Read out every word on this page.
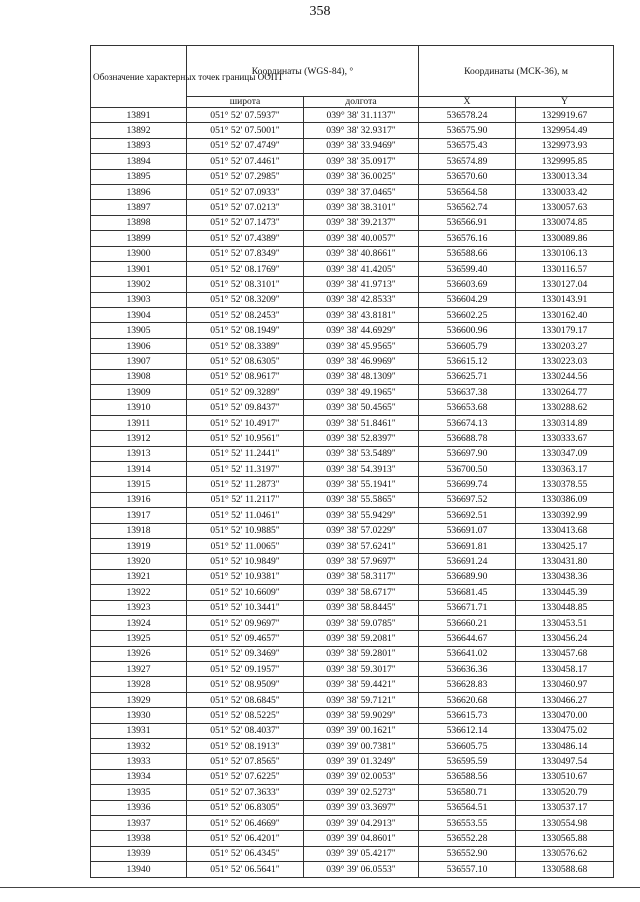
358
Обозначение характерных точек границы ООПТ	Координаты (WGS-84), °		Координаты (МСК-36), м	
	широта	долгота	X	Y
13891	051° 52' 07.5937"	039° 38' 31.1137"	536578.24	1329919.67
13892	051° 52' 07.5001"	039° 38' 32.9317"	536575.90	1329954.49
13893	051° 52' 07.4749"	039° 38' 33.9469"	536575.43	1329973.93
13894	051° 52' 07.4461"	039° 38' 35.0917"	536574.89	1329995.85
13895	051° 52' 07.2985"	039° 38' 36.0025"	536570.60	1330013.34
13896	051° 52' 07.0933"	039° 38' 37.0465"	536564.58	1330033.42
13897	051° 52' 07.0213"	039° 38' 38.3101"	536562.74	1330057.63
13898	051° 52' 07.1473"	039° 38' 39.2137"	536566.91	1330074.85
13899	051° 52' 07.4389"	039° 38' 40.0057"	536576.16	1330089.86
13900	051° 52' 07.8349"	039° 38' 40.8661"	536588.66	1330106.13
13901	051° 52' 08.1769"	039° 38' 41.4205"	536599.40	1330116.57
13902	051° 52' 08.3101"	039° 38' 41.9713"	536603.69	1330127.04
13903	051° 52' 08.3209"	039° 38' 42.8533"	536604.29	1330143.91
13904	051° 52' 08.2453"	039° 38' 43.8181"	536602.25	1330162.40
13905	051° 52' 08.1949"	039° 38' 44.6929"	536600.96	1330179.17
13906	051° 52' 08.3389"	039° 38' 45.9565"	536605.79	1330203.27
13907	051° 52' 08.6305"	039° 38' 46.9969"	536615.12	1330223.03
13908	051° 52' 08.9617"	039° 38' 48.1309"	536625.71	1330244.56
13909	051° 52' 09.3289"	039° 38' 49.1965"	536637.38	1330264.77
13910	051° 52' 09.8437"	039° 38' 50.4565"	536653.68	1330288.62
13911	051° 52' 10.4917"	039° 38' 51.8461"	536674.13	1330314.89
13912	051° 52' 10.9561"	039° 38' 52.8397"	536688.78	1330333.67
13913	051° 52' 11.2441"	039° 38' 53.5489"	536697.90	1330347.09
13914	051° 52' 11.3197"	039° 38' 54.3913"	536700.50	1330363.17
13915	051° 52' 11.2873"	039° 38' 55.1941"	536699.74	1330378.55
13916	051° 52' 11.2117"	039° 38' 55.5865"	536697.52	1330386.09
13917	051° 52' 11.0461"	039° 38' 55.9429"	536692.51	1330392.99
13918	051° 52' 10.9885"	039° 38' 57.0229"	536691.07	1330413.68
13919	051° 52' 11.0065"	039° 38' 57.6241"	536691.81	1330425.17
13920	051° 52' 10.9849"	039° 38' 57.9697"	536691.24	1330431.80
13921	051° 52' 10.9381"	039° 38' 58.3117"	536689.90	1330438.36
13922	051° 52' 10.6609"	039° 38' 58.6717"	536681.45	1330445.39
13923	051° 52' 10.3441"	039° 38' 58.8445"	536671.71	1330448.85
13924	051° 52' 09.9697"	039° 38' 59.0785"	536660.21	1330453.51
13925	051° 52' 09.4657"	039° 38' 59.2081"	536644.67	1330456.24
13926	051° 52' 09.3469"	039° 38' 59.2801"	536641.02	1330457.68
13927	051° 52' 09.1957"	039° 38' 59.3017"	536636.36	1330458.17
13928	051° 52' 08.9509"	039° 38' 59.4421"	536628.83	1330460.97
13929	051° 52' 08.6845"	039° 38' 59.7121"	536620.68	1330466.27
13930	051° 52' 08.5225"	039° 38' 59.9029"	536615.73	1330470.00
13931	051° 52' 08.4037"	039° 39' 00.1621"	536612.14	1330475.02
13932	051° 52' 08.1913"	039° 39' 00.7381"	536605.75	1330486.14
13933	051° 52' 07.8565"	039° 39' 01.3249"	536595.59	1330497.54
13934	051° 52' 07.6225"	039° 39' 02.0053"	536588.56	1330510.67
13935	051° 52' 07.3633"	039° 39' 02.5273"	536580.71	1330520.79
13936	051° 52' 06.8305"	039° 39' 03.3697"	536564.51	1330537.17
13937	051° 52' 06.4669"	039° 39' 04.2913"	536553.55	1330554.98
13938	051° 52' 06.4201"	039° 39' 04.8601"	536552.28	1330565.88
13939	051° 52' 06.4345"	039° 39' 05.4217"	536552.90	1330576.62
13940	051° 52' 06.5641"	039° 39' 06.0553"	536557.10	1330588.68
